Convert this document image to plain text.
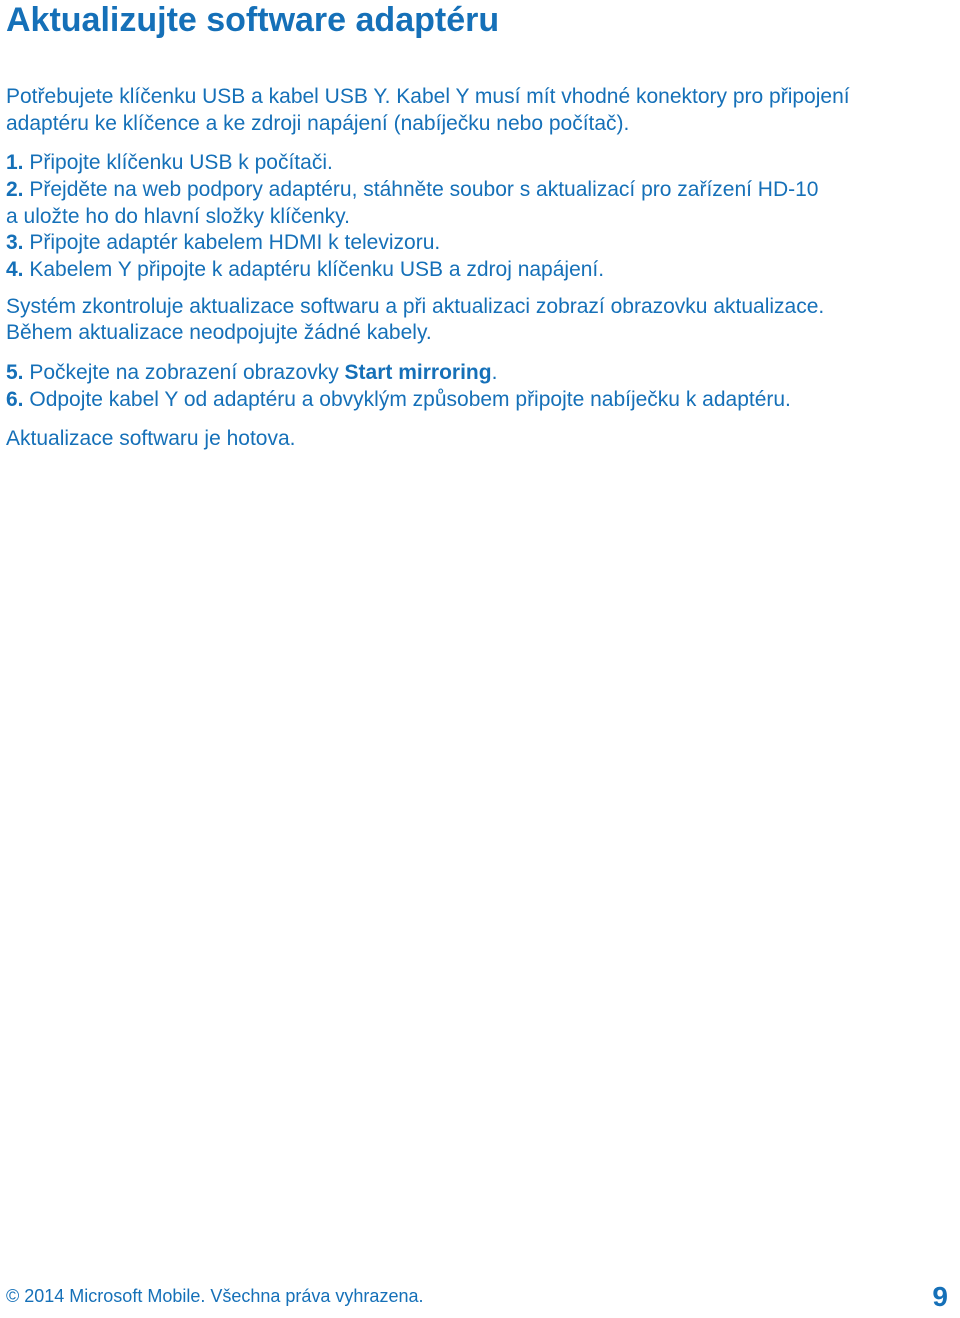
Aktualizujte software adaptéru

Potřebujete klíčenku USB a kabel USB Y. Kabel Y musí mít vhodné konektory pro připojení

adaptéru ke klíčence a ke zdroji napájení (nabíječku nebo počítač).

1. Připojte klíčenku USB k počítači.

2. Přejděte na web podpory adaptéru, stáhněte soubor s aktualizací pro zařízení HD-10

a uložte ho do hlavní složky klíčenky.

3. Připojte adaptér kabelem HDMI k televizoru.

4. Kabelem Y připojte k adaptéru klíčenku USB a zdroj napájení.

Systém zkontroluje aktualizace softwaru a při aktualizaci zobrazí obrazovku aktualizace.

Během aktualizace neodpojujte žádné kabely.

5. Počkejte na zobrazení obrazovky Start mirroring.

6. Odpojte kabel Y od adaptéru a obvyklým způsobem připojte nabíječku k adaptéru.

Aktualizace softwaru je hotova.

© 2014 Microsoft Mobile. Všechna práva vyhrazena.	9
